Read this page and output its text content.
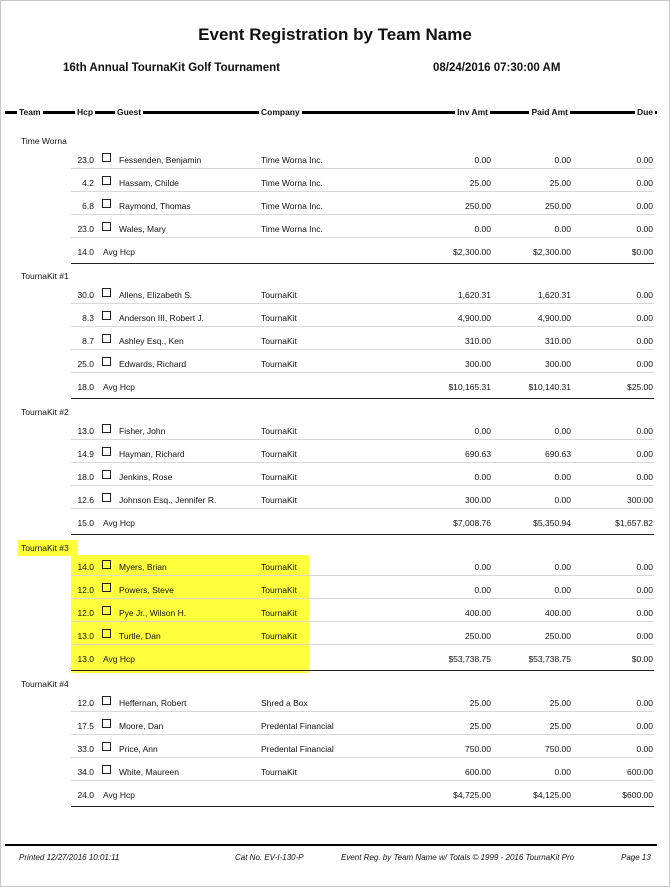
Event Registration by Team Name
16th Annual TournaKit Golf Tournament	08/24/2016 07:30:00 AM
Team	Hcp	Guest	Company	Inv Amt	Paid Amt	Due
Time Worna
23.0	Fessenden, Benjamin	Time Worna Inc.	0.00	0.00	0.00
4.2	Hassam, Childe	Time Worna Inc.	25.00	25.00	0.00
6.8	Raymond, Thomas	Time Worna Inc.	250.00	250.00	0.00
23.0	Wales, Mary	Time Worna Inc.	0.00	0.00	0.00
14.0 Avg Hcp	$2,300.00	$2,300.00	$0.00
TournaKit #1
30.0	Allens, Elizabeth S.	TournaKit	1,620.31	1,620.31	0.00
8.3	Anderson III, Robert J.	TournaKit	4,900.00	4,900.00	0.00
8.7	Ashley Esq., Ken	TournaKit	310.00	310.00	0.00
25.0	Edwards, Richard	TournaKit	300.00	300.00	0.00
18.0 Avg Hcp	$10,165.31	$10,140.31	$25.00
TournaKit #2
13.0	Fisher, John	TournaKit	0.00	0.00	0.00
14.9	Hayman, Richard	TournaKit	690.63	690.63	0.00
18.0	Jenkins, Rose	TournaKit	0.00	0.00	0.00
12.6	Johnson Esq., Jennifer R.	TournaKit	300.00	0.00	300.00
15.0 Avg Hcp	$7,008.76	$5,350.94	$1,657.82
TournaKit #3
14.0	Myers, Brian	TournaKit	0.00	0.00	0.00
12.0	Powers, Steve	TournaKit	0.00	0.00	0.00
12.0	Pye Jr., Wilson H.	TournaKit	400.00	400.00	0.00
13.0	Turtle, Dan	TournaKit	250.00	250.00	0.00
13.0 Avg Hcp	$53,738.75	$53,738.75	$0.00
TournaKit #4
12.0	Heffernan, Robert	Shred a Box	25.00	25.00	0.00
17.5	Moore, Dan	Predental Financial	25.00	25.00	0.00
33.0	Price, Ann	Predental Financial	750.00	750.00	0.00
34.0	White, Maureen	TournaKit	600.00	0.00	600.00
24.0 Avg Hcp	$4,725.00	$4,125.00	$600.00
Printed 12/27/2016 10:01:11	Cat No. EV-I-130-P	Event Reg. by Team Name w/ Totals © 1999 - 2016 TournaKit Pro	Page 13
